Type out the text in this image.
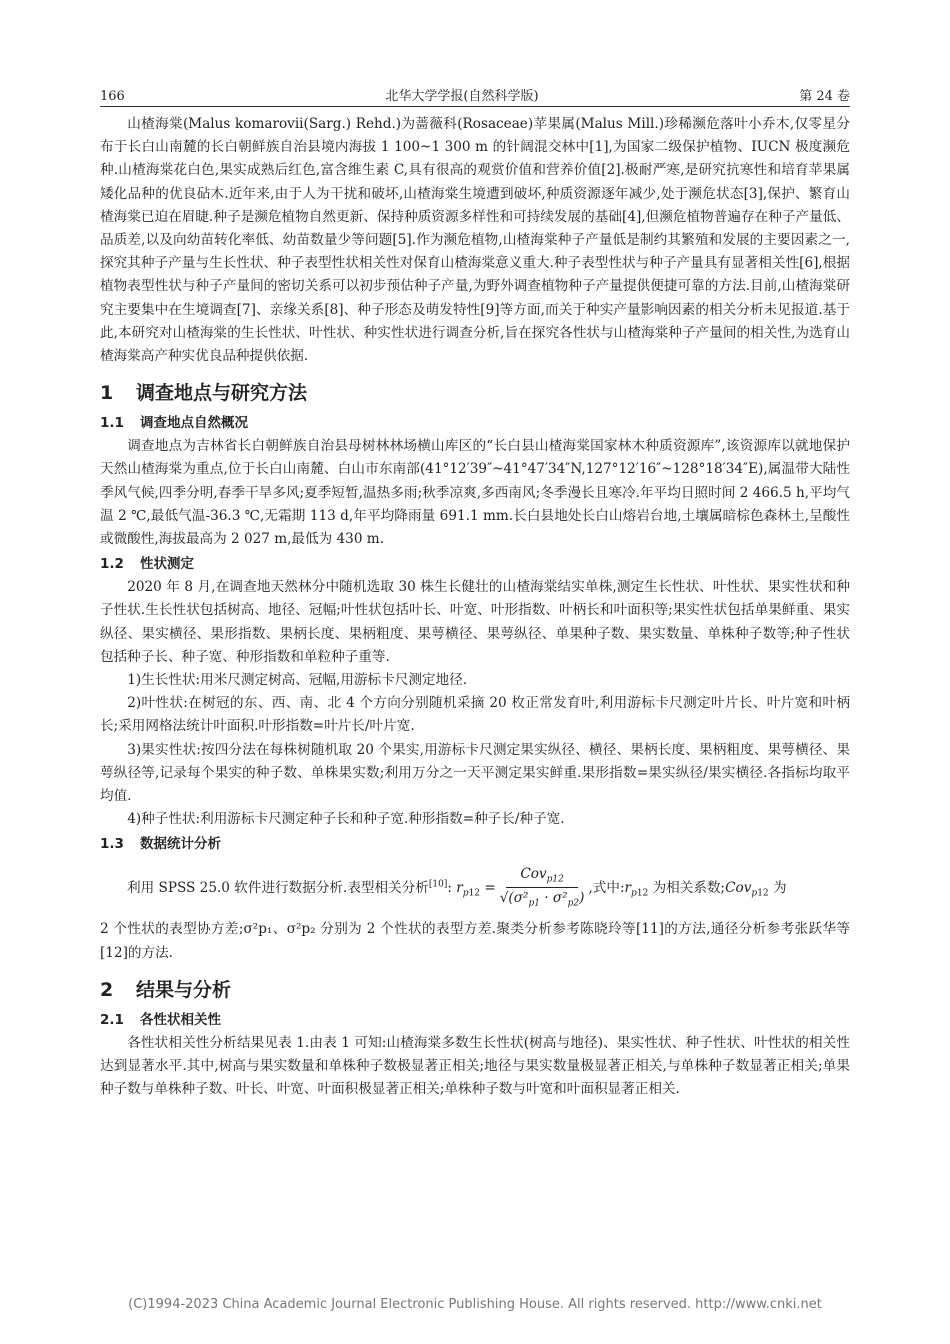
166	北华大学学报(自然科学版)	第 24 卷

山楂海棠(Malus komarovii(Sarg.) Rehd.)为蔷薇科(Rosaceae)苹果属(Malus Mill.)珍稀濒危落叶小乔木,仅零星分布于长白山南麓的长白朝鲜族自治县境内海拔 1 100~1 300 m 的针阔混交林中[1],为国家二级保护植物、IUCN 极度濒危种.山楂海棠花白色,果实成熟后红色,富含维生素 C,具有很高的观赏价值和营养价值[2].极耐严寒,是研究抗寒性和培育苹果属矮化品种的优良砧木.近年来,由于人为干扰和破坏,山楂海棠生境遭到破坏,种质资源逐年减少,处于濒危状态[3],保护、繁育山楂海棠已迫在眉睫.种子是濒危植物自然更新、保持种质资源多样性和可持续发展的基础[4],但濒危植物普遍存在种子产量低、品质差,以及向幼苗转化率低、幼苗数量少等问题[5].作为濒危植物,山楂海棠种子产量低是制约其繁殖和发展的主要因素之一,探究其种子产量与生长性状、种子表型性状相关性对保育山楂海棠意义重大.种子表型性状与种子产量具有显著相关性[6],根据植物表型性状与种子产量间的密切关系可以初步预估种子产量,为野外调查植物种子产量提供便捷可靠的方法.目前,山楂海棠研究主要集中在生境调查[7]、亲缘关系[8]、种子形态及萌发特性[9]等方面,而关于种实产量影响因素的相关分析未见报道.基于此,本研究对山楂海棠的生长性状、叶性状、种实性状进行调查分析,旨在探究各性状与山楂海棠种子产量间的相关性,为选育山楂海棠高产种实优良品种提供依据.

1 调查地点与研究方法
1.1 调查地点自然概况

调查地点为吉林省长白朝鲜族自治县母树林林场横山库区的“长白县山楂海棠国家林木种质资源库”,该资源库以就地保护天然山楂海棠为重点,位于长白山南麓、白山市东南部(41°12′39″~41°47′34″N,127°12′16″~128°18′34″E),属温带大陆性季风气候,四季分明,春季干旱多风;夏季短暂,温热多雨;秋季凉爽,多西南风;冬季漫长且寒冷.年平均日照时间 2 466.5 h,平均气温 2 ℃,最低气温-36.3 ℃,无霜期 113 d,年平均降雨量 691.1 mm.长白县地处长白山熔岩台地,土壤属暗棕色森林土,呈酸性或微酸性,海拔最高为 2 027 m,最低为 430 m.

1.2 性状测定

2020 年 8 月,在调查地天然林分中随机选取 30 株生长健壮的山楂海棠结实单株,测定生长性状、叶性状、果实性状和种子性状.生长性状包括树高、地径、冠幅;叶性状包括叶长、叶宽、叶形指数、叶柄长和叶面积等;果实性状包括单果鲜重、果实纵径、果实横径、果形指数、果柄长度、果柄粗度、果萼横径、果萼纵径、单果种子数、果实数量、单株种子数等;种子性状包括种子长、种子宽、种形指数和单粒种子重等.

1)生长性状:用米尺测定树高、冠幅,用游标卡尺测定地径.

2)叶性状:在树冠的东、西、南、北 4 个方向分别随机采摘 20 枚正常发育叶,利用游标卡尺测定叶片长、叶片宽和叶柄长;采用网格法统计叶面积.叶形指数=叶片长/叶片宽.

3)果实性状:按四分法在每株树随机取 20 个果实,用游标卡尺测定果实纵径、横径、果柄长度、果柄粗度、果萼横径、果萼纵径等,记录每个果实的种子数、单株果实数;利用万分之一天平测定果实鲜重.果形指数=果实纵径/果实横径.各指标均取平均值.

4)种子性状:利用游标卡尺测定种子长和种子宽.种形指数=种子长/种子宽.

1.3 数据统计分析
利用 SPSS 25.0 软件进行数据分析.表型相关分析[10]: $r_{p12} = \frac{Cov_{p12}}{√(\sigma^2_{p1} \cdot \sigma^2_{p2})}$ ,式中$:r_{p12}$ 为相关系数;Cov$_{p12}$ 为

2 个性状的表型协方差;σ²p₁、σ²p₂ 分别为 2 个性状的表型方差.聚类分析参考陈晓玲等[11]的方法,通径分析参考张跃华等[12]的方法.

2 结果与分析
2.1 各性状相关性

各性状相关性分析结果见表 1.由表 1 可知:山楂海棠多数生长性状(树高与地径)、果实性状、种子性状、叶性状的相关性达到显著水平.其中,树高与果实数量和单株种子数极显著正相关;地径与果实数量极显著正相关,与单株种子数显著正相关;单果种子数与单株种子数、叶长、叶宽、叶面积极显著正相关;单株种子数与叶宽和叶面积显著正相关.

(C)1994-2023 China Academic Journal Electronic Publishing House. All rights reserved. http://www.cnki.net
